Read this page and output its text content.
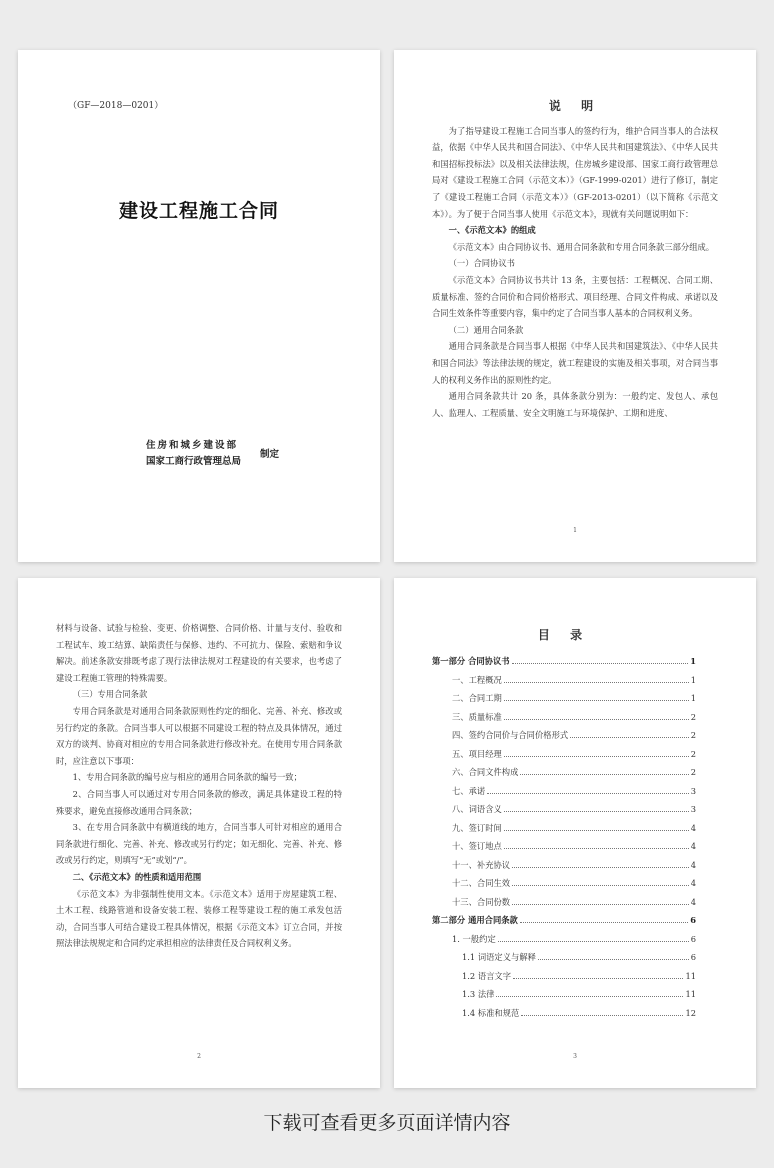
（GF—2018—0201）
建设工程施工合同
住房和城乡建设部
国家工商行政管理总局
制定
说 明

为了指导建设工程施工合同当事人的签约行为，维护合同当事人的合法权益，依据《中华人民共和国合同法》、《中华人民共和国建筑法》、《中华人民共和国招标投标法》以及相关法律法规，住房城乡建设部、国家工商行政管理总局对《建设工程施工合同（示范文本）》（GF-1999-0201）进行了修订，制定了《建设工程施工合同（示范文本）》（GF-2013-0201）（以下简称《示范文本》）。为了便于合同当事人使用《示范文本》，现就有关问题说明如下：

一、《示范文本》的组成

《示范文本》由合同协议书、通用合同条款和专用合同条款三部分组成。

（一）合同协议书

《示范文本》合同协议书共计 13 条，主要包括：工程概况、合同工期、质量标准、签约合同价和合同价格形式、项目经理、合同文件构成、承诺以及合同生效条件等重要内容，集中约定了合同当事人基本的合同权利义务。

（二）通用合同条款

通用合同条款是合同当事人根据《中华人民共和国建筑法》、《中华人民共和国合同法》等法律法规的规定，就工程建设的实施及相关事项，对合同当事人的权利义务作出的原则性约定。

通用合同条款共计 20 条，具体条款分别为：一般约定、发包人、承包人、监理人、工程质量、安全文明施工与环境保护、工期和进度、

1

材料与设备、试验与检验、变更、价格调整、合同价格、计量与支付、验收和工程试车、竣工结算、缺陷责任与保修、违约、不可抗力、保险、索赔和争议解决。前述条款安排既考虑了现行法律法规对工程建设的有关要求，也考虑了建设工程施工管理的特殊需要。

（三）专用合同条款

专用合同条款是对通用合同条款原则性约定的细化、完善、补充、修改或另行约定的条款。合同当事人可以根据不同建设工程的特点及具体情况，通过双方的谈判、协商对相应的专用合同条款进行修改补充。在使用专用合同条款时，应注意以下事项：

1、专用合同条款的编号应与相应的通用合同条款的编号一致；

2、合同当事人可以通过对专用合同条款的修改，满足具体建设工程的特殊要求，避免直接修改通用合同条款；

3、在专用合同条款中有横道线的地方，合同当事人可针对相应的通用合同条款进行细化、完善、补充、修改或另行约定；如无细化、完善、补充、修改或另行约定，则填写“无”或划“/”。

二、《示范文本》的性质和适用范围

《示范文本》为非强制性使用文本。《示范文本》适用于房屋建筑工程、土木工程、线路管道和设备安装工程、装修工程等建设工程的施工承发包活动，合同当事人可结合建设工程具体情况，根据《示范文本》订立合同，并按照法律法规规定和合同约定承担相应的法律责任及合同权利义务。

2
目 录
第一部分 合同协议书	1
一、工程概况	1
二、合同工期	1
三、质量标准	2
四、签约合同价与合同价格形式	2
五、项目经理	2
六、合同文件构成	2
七、承诺	3
八、词语含义	3
九、签订时间	4
十、签订地点	4
十一、补充协议	4
十二、合同生效	4
十三、合同份数	4
第二部分 通用合同条款	6
1. 一般约定	6
1.1 词语定义与解释	6
1.2 语言文字	11
1.3 法律	11
1.4 标准和规范	12
3
下载可查看更多页面详情内容
